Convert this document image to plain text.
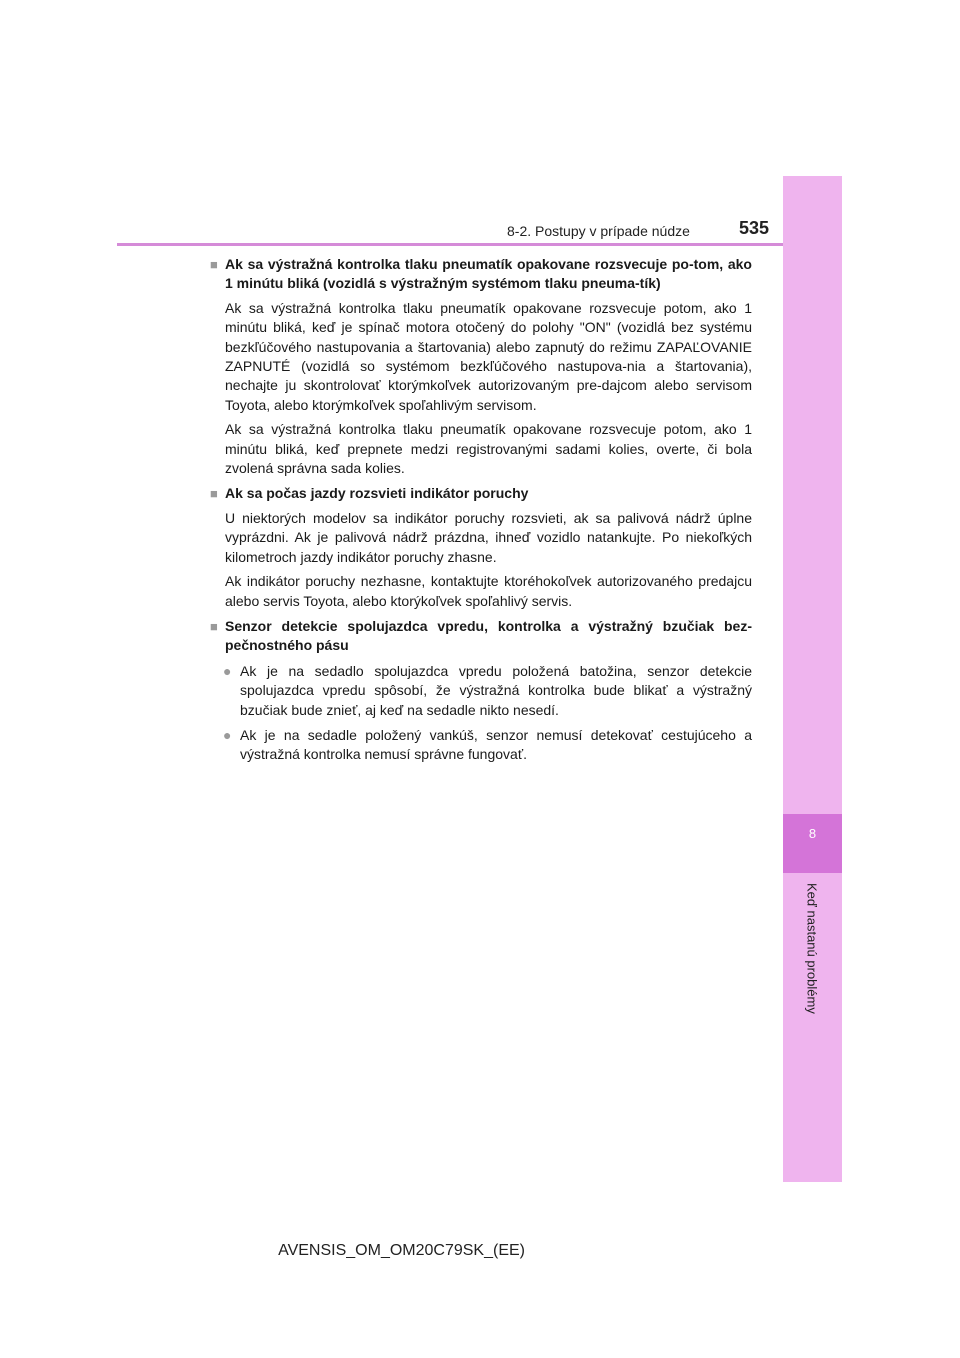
8
Keď nastanú problémy
8-2. Postupy v prípade núdze	535
■ Ak sa výstražná kontrolka tlaku pneumatík opakovane rozsvecuje po-tom, ako 1 minútu bliká (vozidlá s výstražným systémom tlaku pneuma-tík)
Ak sa výstražná kontrolka tlaku pneumatík opakovane rozsvecuje potom, ako 1 minútu bliká, keď je spínač motora otočený do polohy "ON" (vozidlá bez systému bezkľúčového nastupovania a štartovania) alebo zapnutý do režimu ZAPAĽOVANIE ZAPNUTÉ (vozidlá so systémom bezkľúčového nastupova-nia a štartovania), nechajte ju skontrolovať ktorýmkoľvek autorizovaným pre-dajcom alebo servisom Toyota, alebo ktorýmkoľvek spoľahlivým servisom.
Ak sa výstražná kontrolka tlaku pneumatík opakovane rozsvecuje potom, ako 1 minútu bliká, keď prepnete medzi registrovanými sadami kolies, overte, či bola zvolená správna sada kolies.
■ Ak sa počas jazdy rozsvieti indikátor poruchy
U niektorých modelov sa indikátor poruchy rozsvieti, ak sa palivová nádrž úplne vyprázdni. Ak je palivová nádrž prázdna, ihneď vozidlo natankujte. Po niekoľkých kilometroch jazdy indikátor poruchy zhasne.
Ak indikátor poruchy nezhasne, kontaktujte ktoréhokoľvek autorizovaného predajcu alebo servis Toyota, alebo ktorýkoľvek spoľahlivý servis.
■ Senzor detekcie spolujazdca vpredu, kontrolka a výstražný bzučiak bez-pečnostného pásu
● Ak je na sedadlo spolujazdca vpredu položená batožina, senzor detekcie spolujazdca vpredu spôsobí, že výstražná kontrolka bude blikať a výstražný bzučiak bude znieť, aj keď na sedadle nikto nesedí.
● Ak je na sedadle položený vankúš, senzor nemusí detekovať cestujúceho a výstražná kontrolka nemusí správne fungovať.
AVENSIS_OM_OM20C79SK_(EE)
